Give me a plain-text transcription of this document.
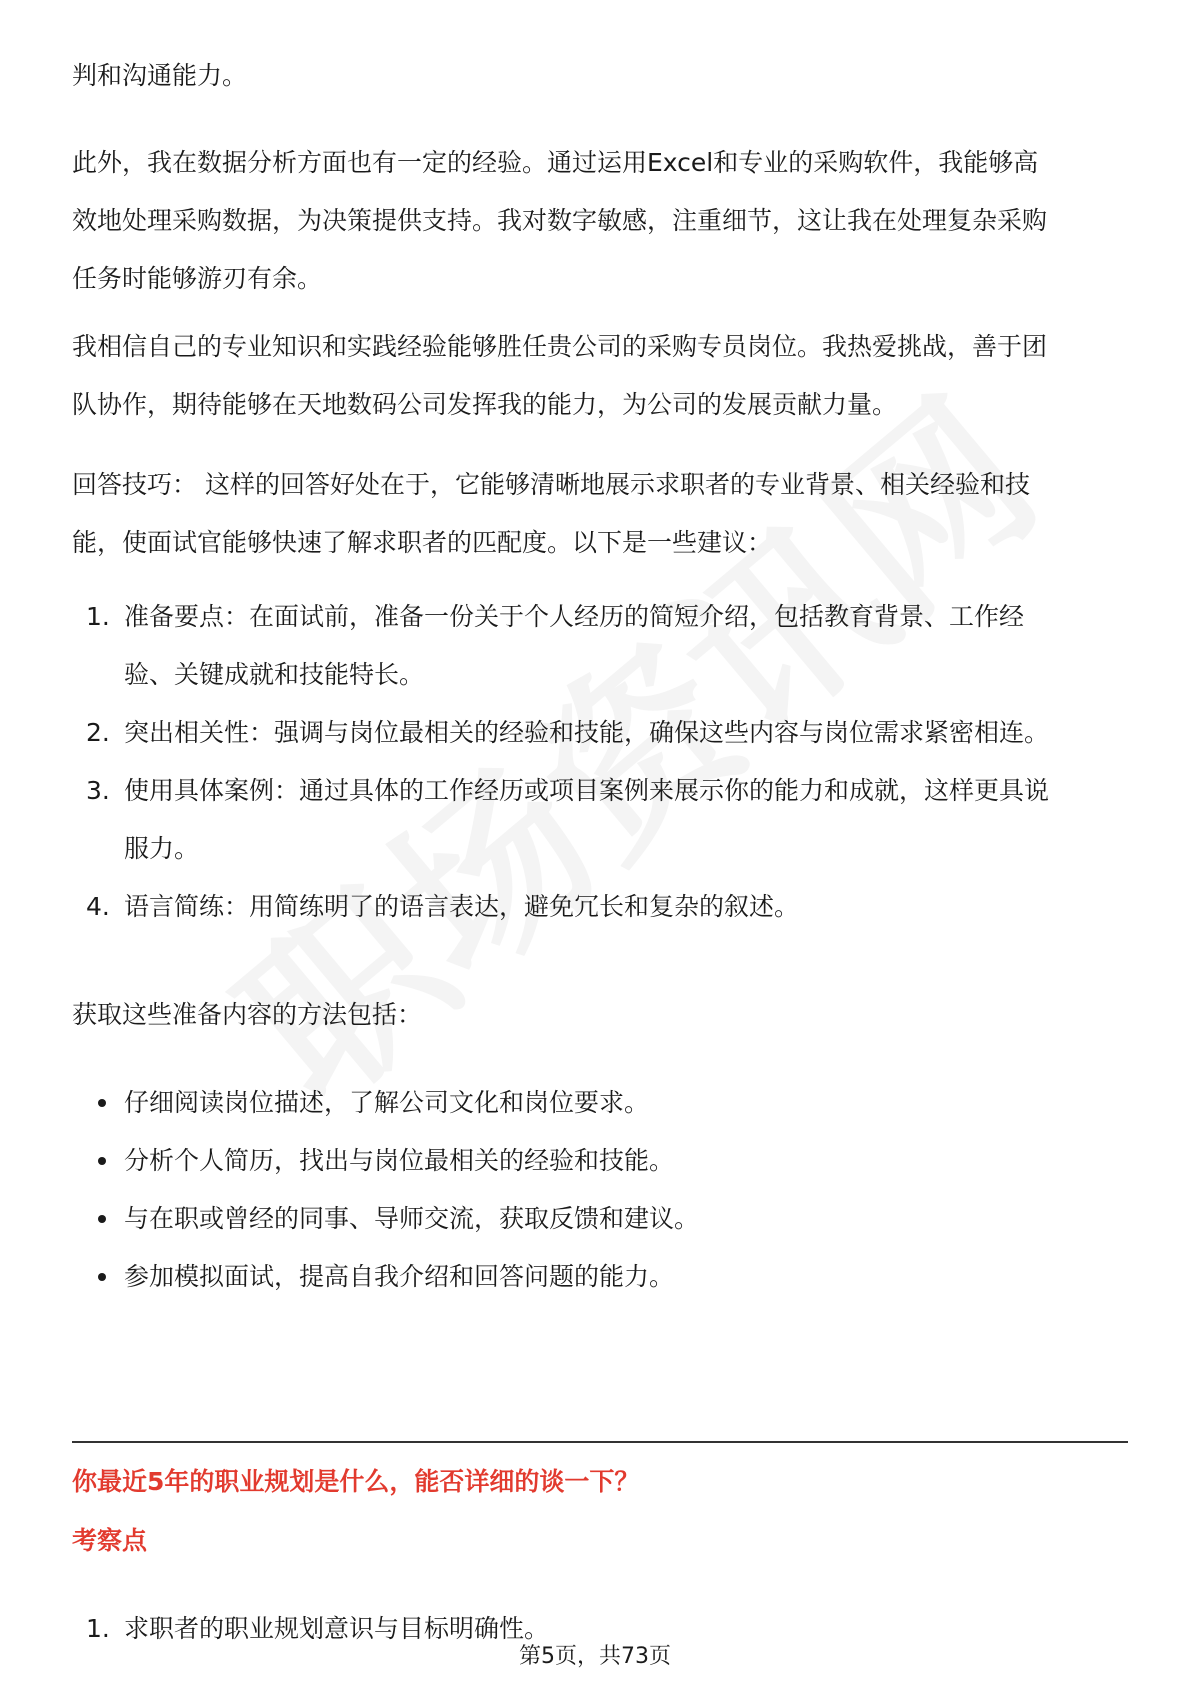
判和沟通能力。

此外，我在数据分析方面也有一定的经验。通过运用Excel和专业的采购软件，我能够高效地处理采购数据，为决策提供支持。我对数字敏感，注重细节，这让我在处理复杂采购任务时能够游刃有余。

我相信自己的专业知识和实践经验能够胜任贵公司的采购专员岗位。我热爱挑战，善于团队协作，期待能够在天地数码公司发挥我的能力，为公司的发展贡献力量。

回答技巧： 这样的回答好处在于，它能够清晰地展示求职者的专业背景、相关经验和技能，使面试官能够快速了解求职者的匹配度。以下是一些建议：

1. 准备要点：在面试前，准备一份关于个人经历的简短介绍，包括教育背景、工作经验、关键成就和技能特长。
2. 突出相关性：强调与岗位最相关的经验和技能，确保这些内容与岗位需求紧密相连。
3. 使用具体案例：通过具体的工作经历或项目案例来展示你的能力和成就，这样更具说服力。
4. 语言简练：用简练明了的语言表达，避免冗长和复杂的叙述。

获取这些准备内容的方法包括：

仔细阅读岗位描述，了解公司文化和岗位要求。
分析个人简历，找出与岗位最相关的经验和技能。
与在职或曾经的同事、导师交流，获取反馈和建议。
参加模拟面试，提高自我介绍和回答问题的能力。
你最近5年的职业规划是什么，能否详细的谈一下？
考察点
1. 求职者的职业规划意识与目标明确性。
第5页，共73页
